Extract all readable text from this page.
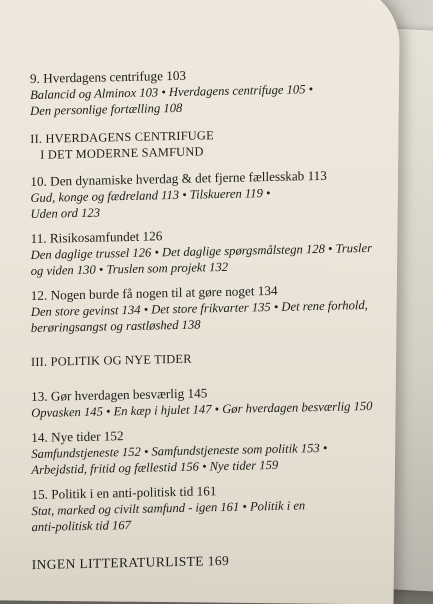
9. Hverdagens centrifuge 103
Balancid og Alminox 103 • Hverdagens centrifuge 105 •
Den personlige fortælling 108
II. HVERDAGENS CENTRIFUGE
I DET MODERNE SAMFUND
10. Den dynamiske hverdag & det fjerne fællesskab 113
Gud, konge og fædreland 113 • Tilskueren 119 •
Uden ord 123
11. Risikosamfundet 126
Den daglige trussel 126 • Det daglige spørgsmålstegn 128 • Trusler
og viden 130 • Truslen som projekt 132
12. Nogen burde få nogen til at gøre noget 134
Den store gevinst 134 • Det store frikvarter 135 • Det rene forhold,
berøringsangst og rastløshed 138
III. POLITIK OG NYE TIDER
13. Gør hverdagen besværlig 145
Opvasken 145 • En kæp i hjulet 147 • Gør hverdagen besværlig 150
14. Nye tider 152
Samfundstjeneste 152 • Samfundstjeneste som politik 153 •
Arbejdstid, fritid og fællestid 156 • Nye tider 159
15. Politik i en anti-politisk tid 161
Stat, marked og civilt samfund - igen 161 • Politik i en
anti-politisk tid 167
INGEN LITTERATURLISTE 169
